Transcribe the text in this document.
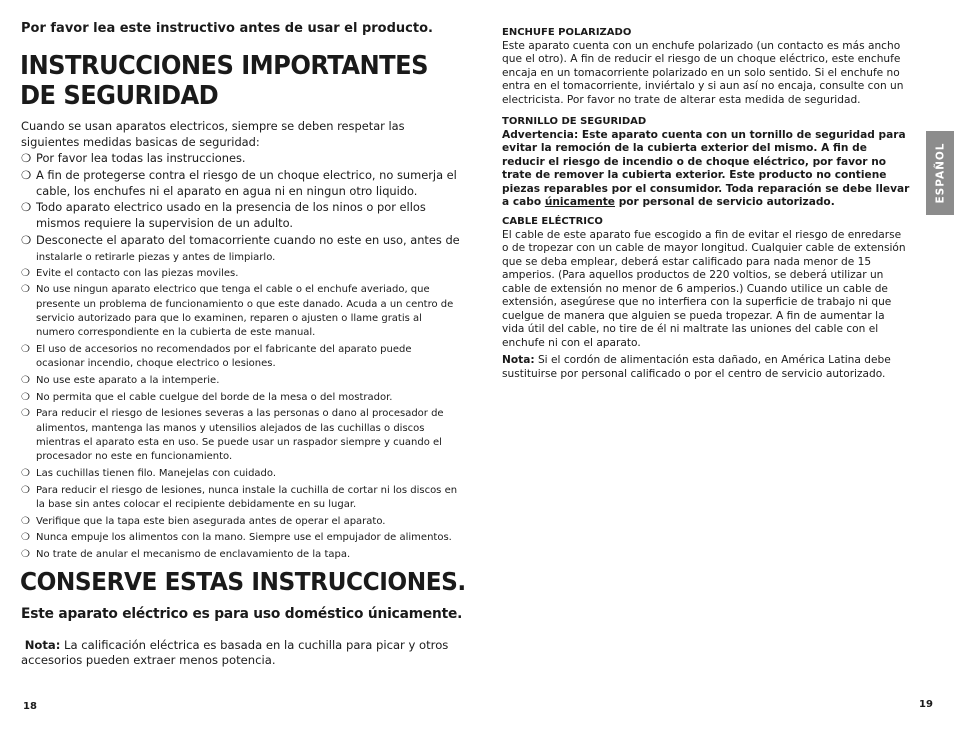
Por favor lea este instructivo antes de usar el producto.
INSTRUCCIONES IMPORTANTES
DE SEGURIDAD
Cuando se usan aparatos electricos, siempre se deben respetar las siguientes medidas basicas de seguridad:
❍ Por favor lea todas las instrucciones.
❍ A fin de protegerse contra el riesgo de un choque electrico, no sumerja el cable, los enchufes ni el aparato en agua ni en ningun otro liquido.
❍ Todo aparato electrico usado en la presencia de los ninos o por ellos mismos requiere la supervision de un adulto.
❍ Desconecte el aparato del tomacorriente cuando no este en uso, antes de
instalarle o retirarle piezas y antes de limpiarlo.
❍ Evite el contacto con las piezas moviles.
❍ No use ningun aparato electrico que tenga el cable o el enchufe averiado, que presente un problema de funcionamiento o que este danado. Acuda a un centro de servicio autorizado para que lo examinen, reparen o ajusten o llame gratis al numero correspondiente en la cubierta de este manual.
❍ El uso de accesorios no recomendados por el fabricante del aparato puede ocasionar incendio, choque electrico o lesiones.
❍ No use este aparato a la intemperie.
❍ No permita que el cable cuelgue del borde de la mesa o del mostrador.
❍ Para reducir el riesgo de lesiones severas a las personas o dano al procesador de alimentos, mantenga las manos y utensilios alejados de las cuchillas o discos mientras el aparato esta en uso. Se puede usar un raspador siempre y cuando el procesador no este en funcionamiento.
❍ Las cuchillas tienen filo. Manejelas con cuidado.
❍ Para reducir el riesgo de lesiones, nunca instale la cuchilla de cortar ni los discos en la base sin antes colocar el recipiente debidamente en su lugar.
❍ Verifique que la tapa este bien asegurada antes de operar el aparato.
❍ Nunca empuje los alimentos con la mano. Siempre use el empujador de alimentos.
❍ No trate de anular el mecanismo de enclavamiento de la tapa.
CONSERVE ESTAS INSTRUCCIONES.
Este aparato eléctrico es para uso doméstico únicamente.
Nota: La calificación eléctrica es basada en la cuchilla para picar y otros accesorios pueden extraer menos potencia.
18
ENCHUFE POLARIZADO

Este aparato cuenta con un enchufe polarizado (un contacto es más ancho que el otro). A fin de reducir el riesgo de un choque eléctrico, este enchufe encaja en un tomacorriente polarizado en un solo sentido. Si el enchufe no entra en el tomacorriente, inviértalo y si aun así no encaja, consulte con un electricista. Por favor no trate de alterar esta medida de seguridad.

TORNILLO DE SEGURIDAD

Advertencia: Este aparato cuenta con un tornillo de seguridad para evitar la remoción de la cubierta exterior del mismo. A fin de reducir el riesgo de incendio o de choque eléctrico, por favor no trate de remover la cubierta exterior. Este producto no contiene piezas reparables por el consumidor. Toda reparación se debe llevar a cabo únicamente por personal de servicio autorizado.

CABLE ELÉCTRICO

El cable de este aparato fue escogido a fin de evitar el riesgo de enredarse o de tropezar con un cable de mayor longitud. Cualquier cable de extensión que se deba emplear, deberá estar calificado para nada menor de 15 amperios. (Para aquellos productos de 220 voltios, se deberá utilizar un cable de extensión no menor de 6 amperios.) Cuando utilice un cable de extensión, asegúrese que no interfiera con la superficie de trabajo ni que cuelgue de manera que alguien se pueda tropezar. A fin de aumentar la vida útil del cable, no tire de él ni maltrate las uniones del cable con el enchufe ni con el aparato.

Nota: Si el cordón de alimentación esta dañado, en América Latina debe sustituirse por personal calificado o por el centro de servicio autorizado.

ESPAÑOL
19
